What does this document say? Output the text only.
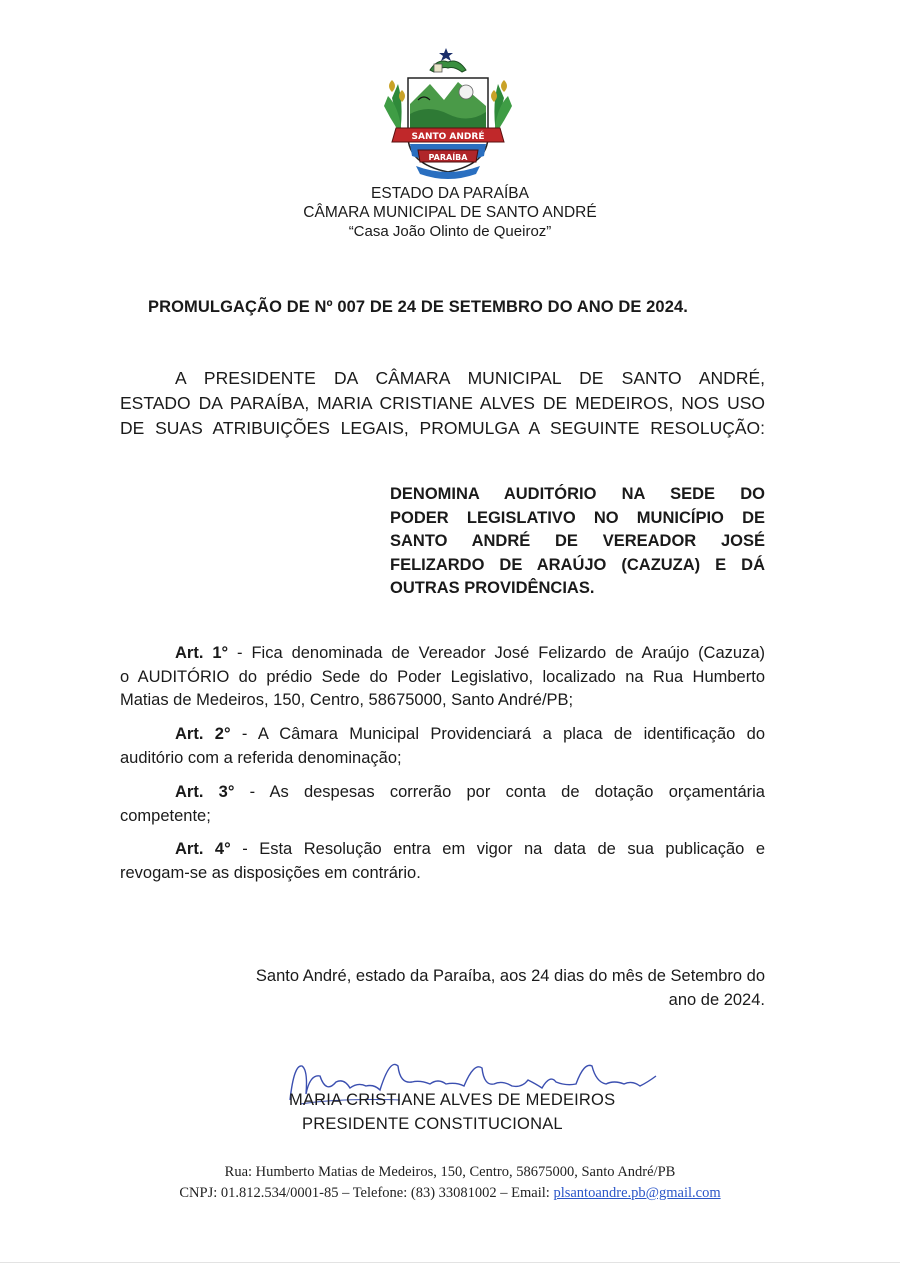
SANTO ANDRÉ
PARAÍBA
ESTADO DA PARAÍBA
CÂMARA MUNICIPAL DE SANTO ANDRÉ
“Casa João Olinto de Queiroz”
PROMULGAÇÃO DE Nº 007 DE 24 DE SETEMBRO DO ANO DE 2024.
A PRESIDENTE DA CÂMARA MUNICIPAL DE SANTO ANDRÉ,
ESTADO DA PARAÍBA, MARIA CRISTIANE ALVES DE MEDEIROS, NOS USO
DE SUAS ATRIBUIÇÕES LEGAIS, PROMULGA A SEGUINTE RESOLUÇÃO:
DENOMINA AUDITÓRIO NA SEDE DO
PODER LEGISLATIVO NO MUNICÍPIO DE
SANTO ANDRÉ DE VEREADOR JOSÉ
FELIZARDO DE ARAÚJO (CAZUZA) E DÁ
OUTRAS PROVIDÊNCIAS.
Art. 1° - Fica denominada de Vereador José Felizardo de Araújo (Cazuza)
o AUDITÓRIO do prédio Sede do Poder Legislativo, localizado na Rua Humberto
Matias de Medeiros, 150, Centro, 58675000, Santo André/PB;
Art. 2° - A Câmara Municipal Providenciará a placa de identificação do
auditório com a referida denominação;
Art. 3° - As despesas correrão por conta de dotação orçamentária
competente;
Art. 4° - Esta Resolução entra em vigor na data de sua publicação e
revogam-se as disposições em contrário.
Santo André, estado da Paraíba, aos 24 dias do mês de Setembro do
ano de 2024.
MARIA CRISTIANE ALVES DE MEDEIROS
PRESIDENTE CONSTITUCIONAL
Rua: Humberto Matias de Medeiros, 150, Centro, 58675000, Santo André/PB
CNPJ: 01.812.534/0001-85 – Telefone: (83) 33081002 – Email: plsantoandre.pb@gmail.com
